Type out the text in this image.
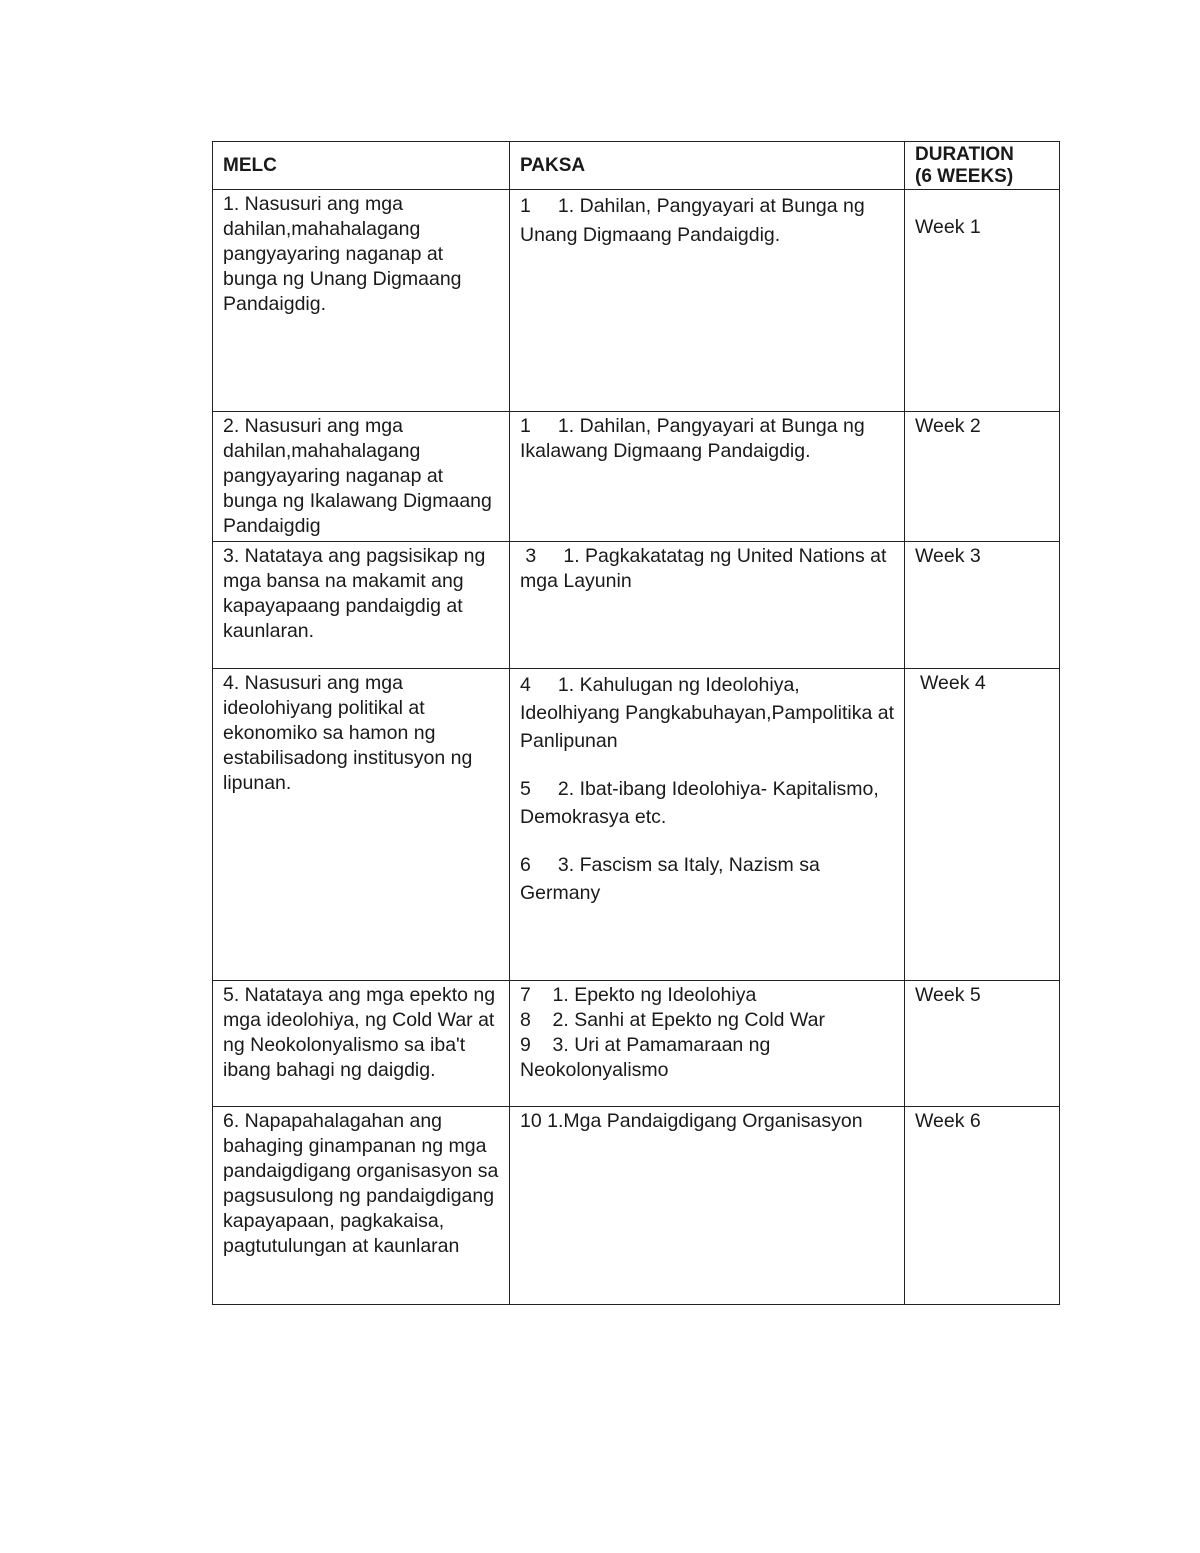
MELC	PAKSA	DURATION
(6 WEEKS)

1. Nasusuri ang mga dahilan,mahahalagang pangyayaring naganap at bunga ng Unang Digmaang Pandaigdig.	1     1. Dahilan, Pangyayari at Bunga ng Unang Digmaang Pandaigdig.	Week 1
2. Nasusuri ang mga dahilan,mahahalagang pangyayaring naganap at bunga ng Ikalawang Digmaang Pandaigdig	1     1. Dahilan, Pangyayari at Bunga ng Ikalawang Digmaang Pandaigdig.	Week 2
3. Natataya ang pagsisikap ng mga bansa na makamit ang kapayapaang pandaigdig at kaunlaran.	3     1. Pagkakatatag ng United Nations at mga Layunin	Week 3
4. Nasusuri ang mga ideolohiyang politikal at ekonomiko sa hamon ng estabilisadong institusyon ng lipunan.	4     1. Kahulugan ng Ideolohiya, Ideolhiyang Pangkabuhayan,Pampolitika at Panlipunan
5     2. Ibat-ibang Ideolohiya- Kapitalismo, Demokrasya etc.
6     3. Fascism sa Italy, Nazism sa Germany	Week 4
5. Natataya ang mga epekto ng mga ideolohiya, ng Cold War at ng Neokolonyalismo sa iba't ibang bahagi ng daigdig.	7    1. Epekto ng Ideolohiya
8    2. Sanhi at Epekto ng Cold War
9    3. Uri at Pamamaraan ng Neokolonyalismo	Week 5
6. Napapahalagahan ang bahaging ginampanan ng mga pandaigdigang organisasyon sa pagsusulong ng pandaigdigang kapayapaan, pagkakaisa, pagtutulungan at kaunlaran	10 1.Mga Pandaigdigang Organisasyon	Week 6
